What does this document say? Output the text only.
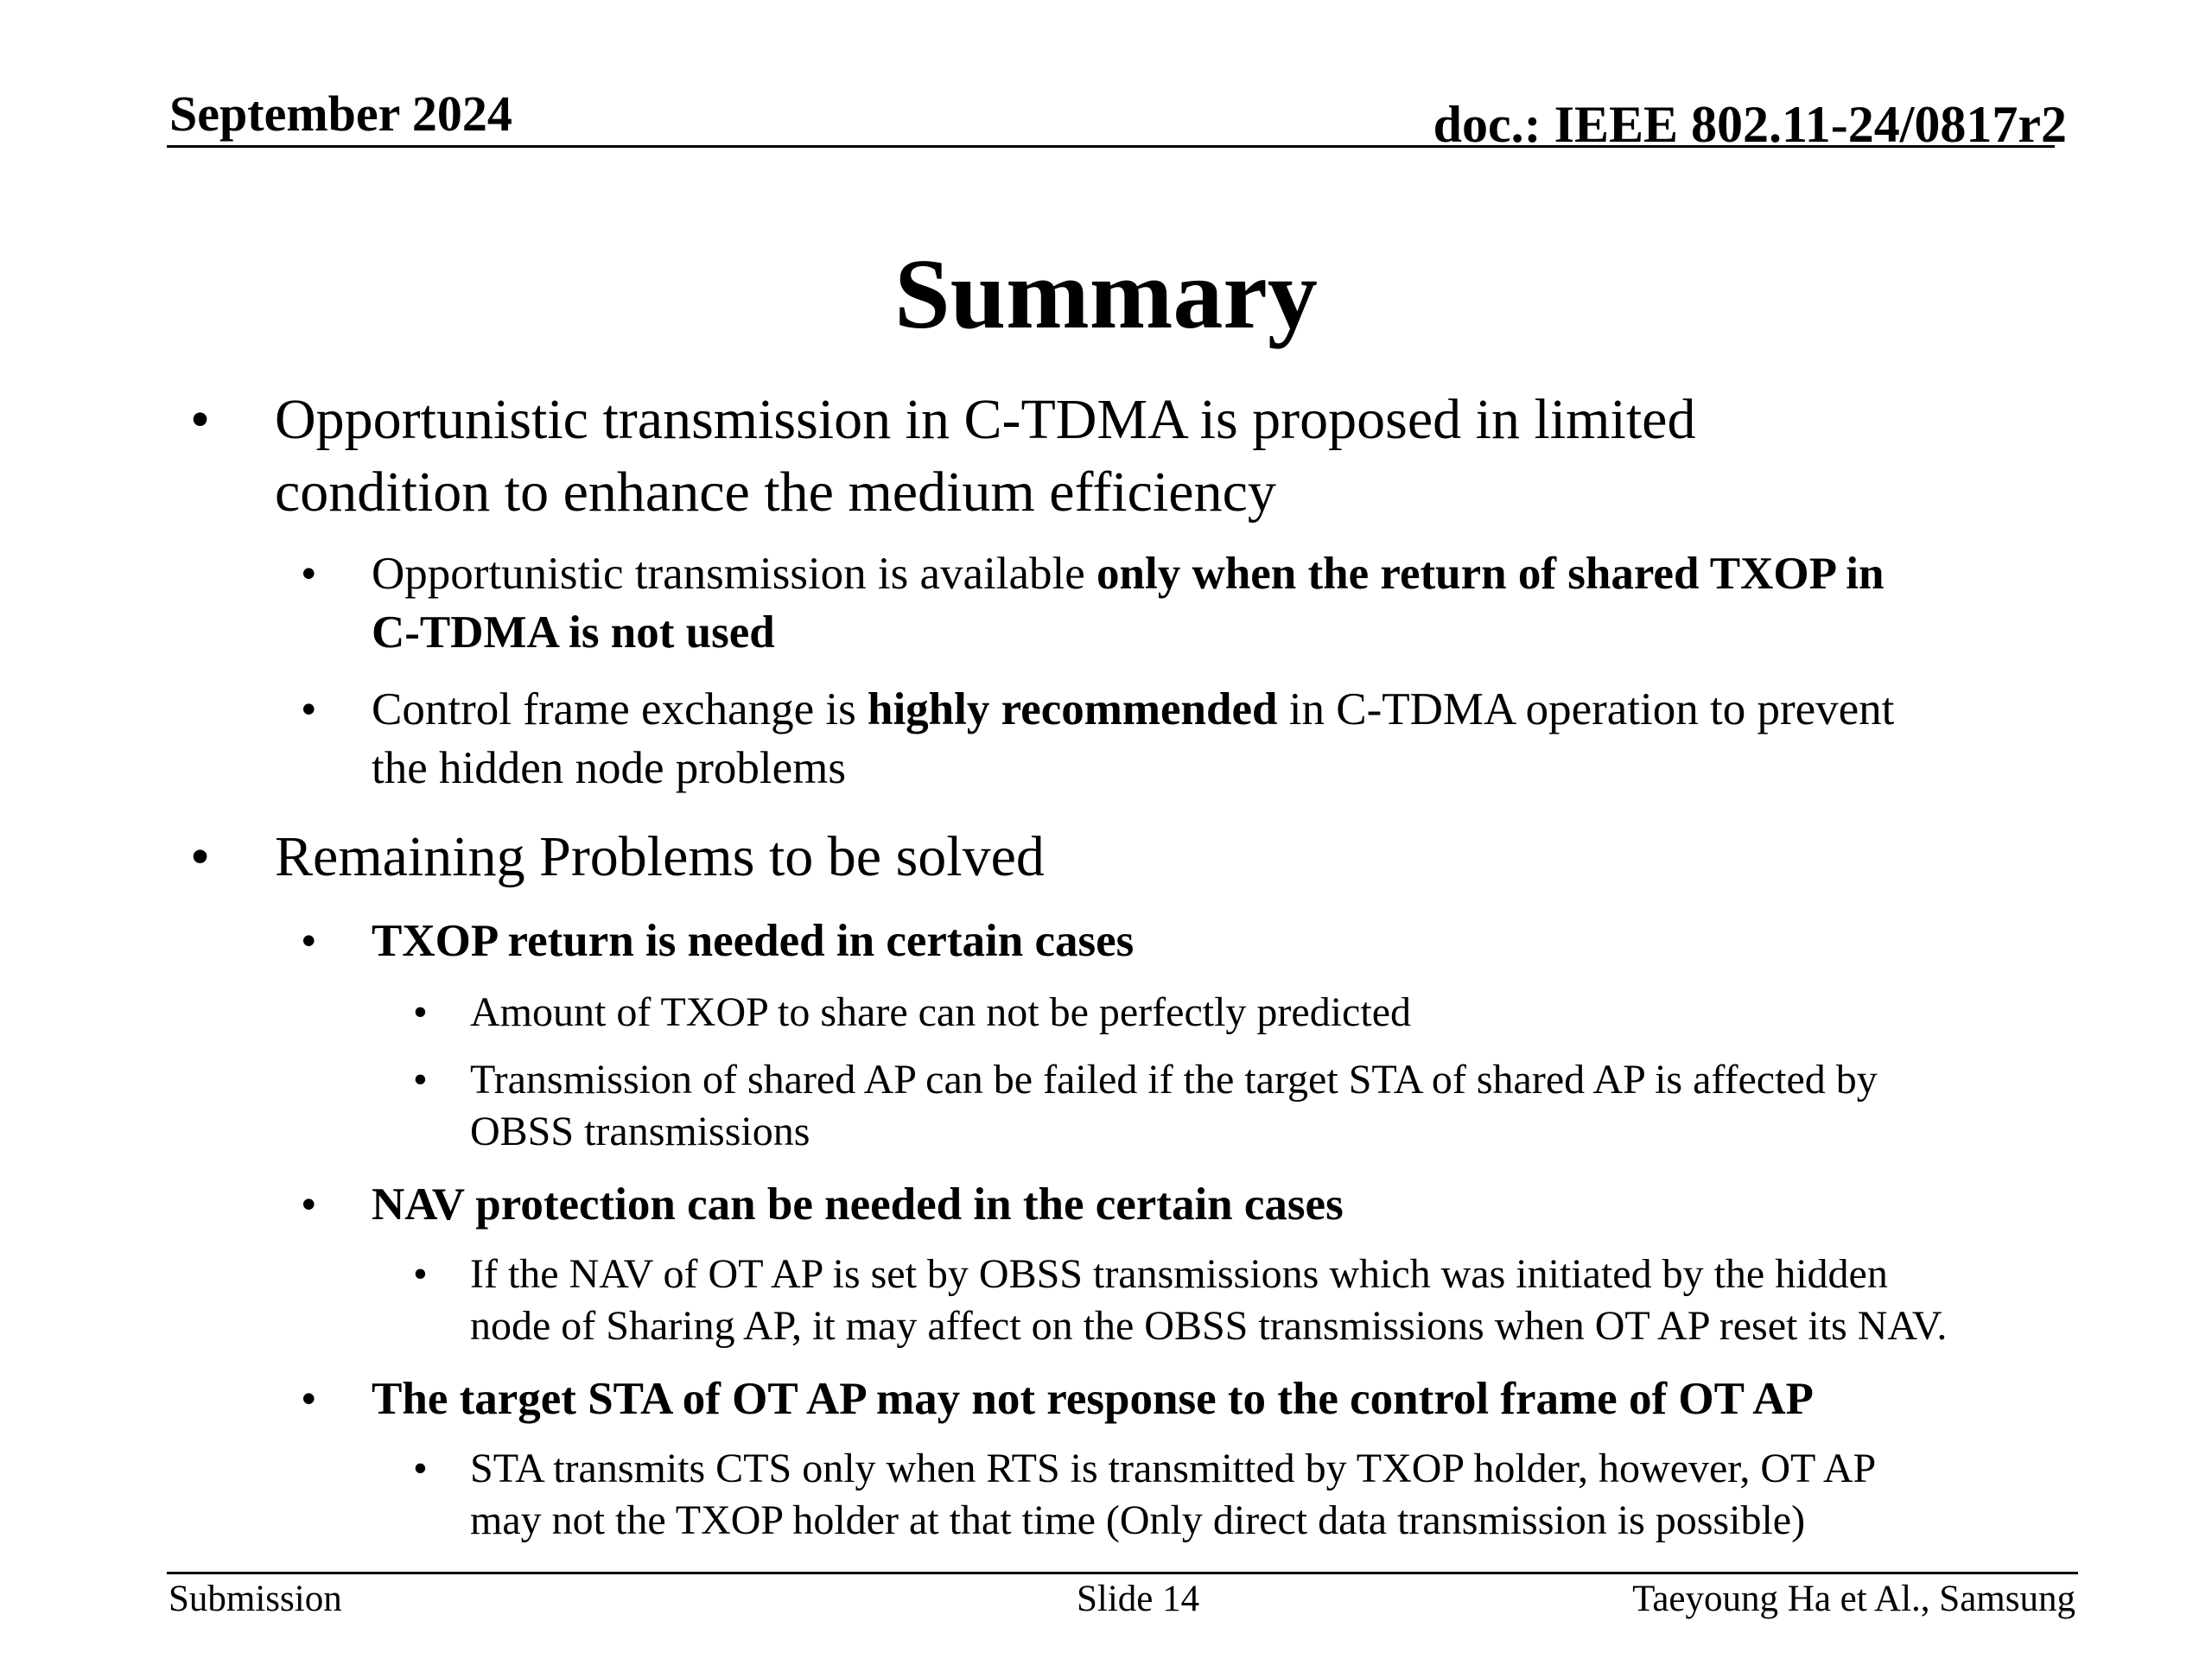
September 2024	doc.: IEEE 802.11-24/0817r2
Summary
• Opportunistic transmission in C-TDMA is proposed in limited
condition to enhance the medium efficiency
• Opportunistic transmission is available only when the return of shared TXOP in
C-TDMA is not used
• Control frame exchange is highly recommended in C-TDMA operation to prevent
the hidden node problems
• Remaining Problems to be solved
• TXOP return is needed in certain cases
• Amount of TXOP to share can not be perfectly predicted
• Transmission of shared AP can be failed if the target STA of shared AP is affected by
OBSS transmissions
• NAV protection can be needed in the certain cases
• If the NAV of OT AP is set by OBSS transmissions which was initiated by the hidden
node of Sharing AP, it may affect on the OBSS transmissions when OT AP reset its NAV.
• The target STA of OT AP may not response to the control frame of OT AP
• STA transmits CTS only when RTS is transmitted by TXOP holder, however, OT AP
may not the TXOP holder at that time (Only direct data transmission is possible)
Submission	Slide 14	Taeyoung Ha et Al., Samsung
